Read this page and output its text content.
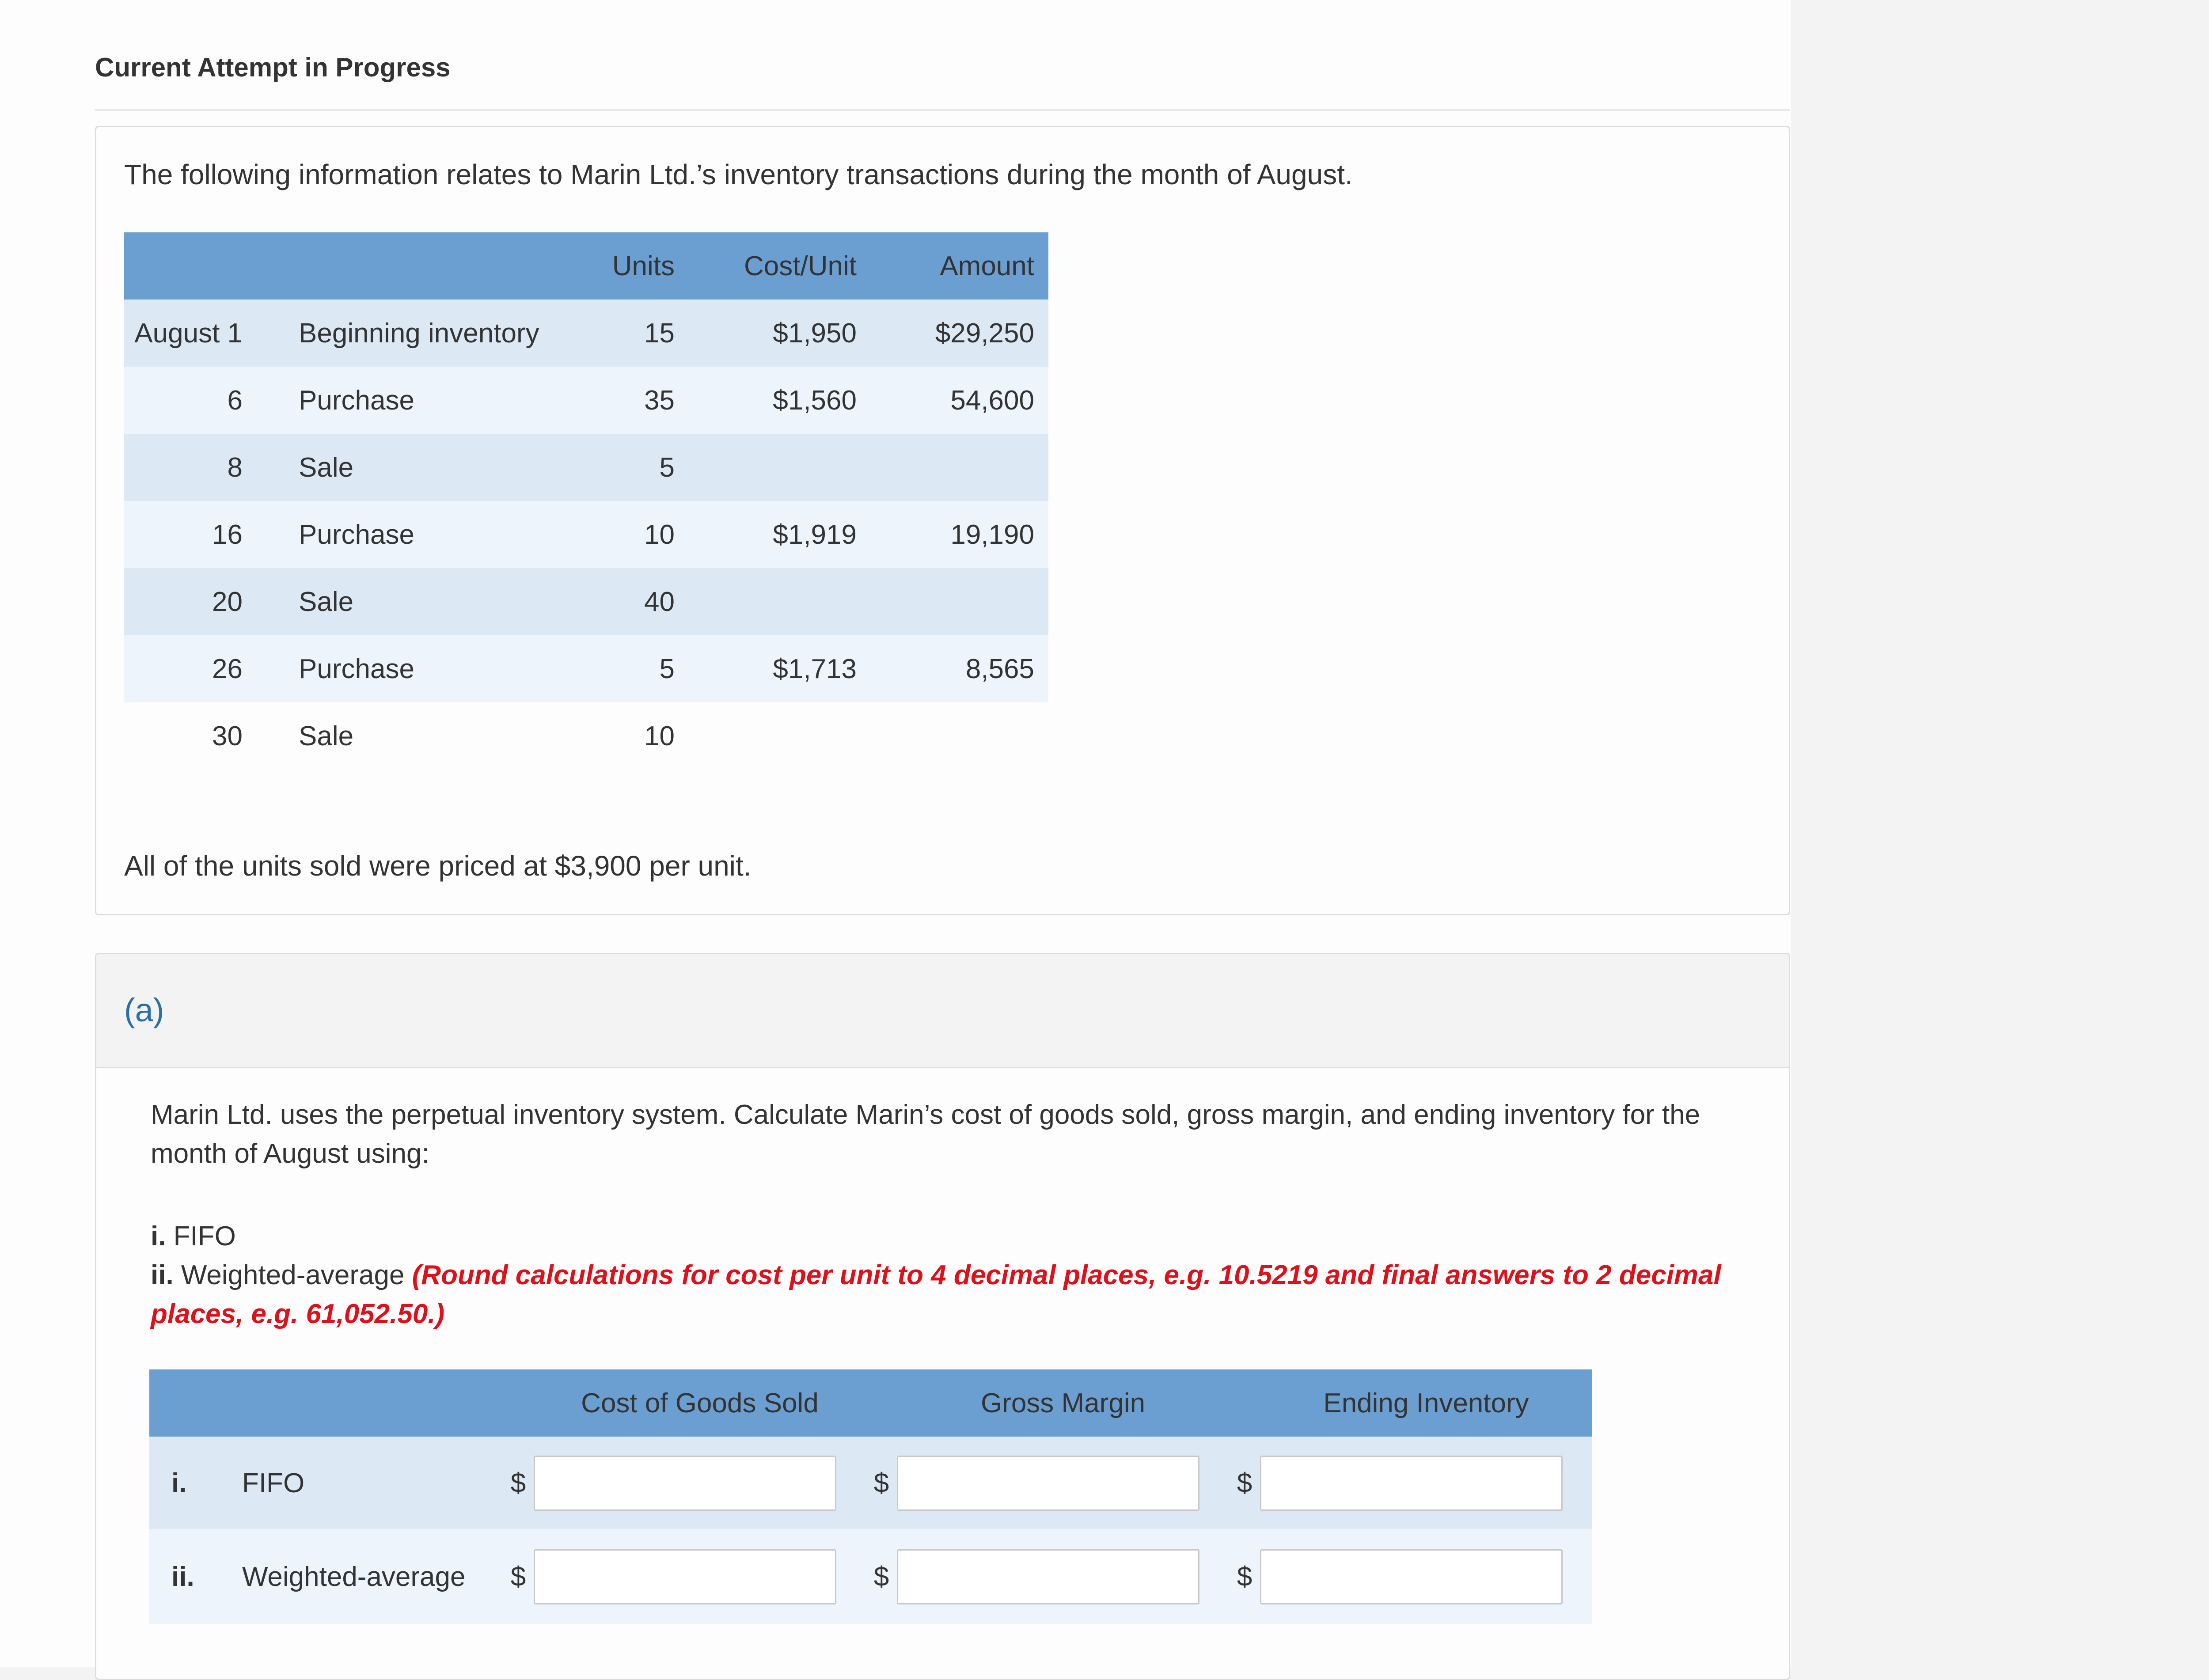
Current Attempt in Progress
The following information relates to Marin Ltd.’s inventory transactions during the month of August.
		Units	Cost/Unit	Amount
August 1	Beginning inventory	15	$1,950	$29,250
6	Purchase	35	$1,560	54,600
8	Sale	5		
16	Purchase	10	$1,919	19,190
20	Sale	40		
26	Purchase	5	$1,713	8,565
30	Sale	10		
All of the units sold were priced at $3,900 per unit.
(a)
Marin Ltd. uses the perpetual inventory system. Calculate Marin’s cost of goods sold, gross margin, and ending inventory for the month of August using:
i. FIFO
ii. Weighted-average (Round calculations for cost per unit to 4 decimal places, e.g. 10.5219 and final answers to 2 decimal places, e.g. 61,052.50.)
			Cost of Goods Sold		Gross Margin		Ending Inventory
i.	FIFO	$		$		$	

ii.	Weighted-average	$		$		$	
